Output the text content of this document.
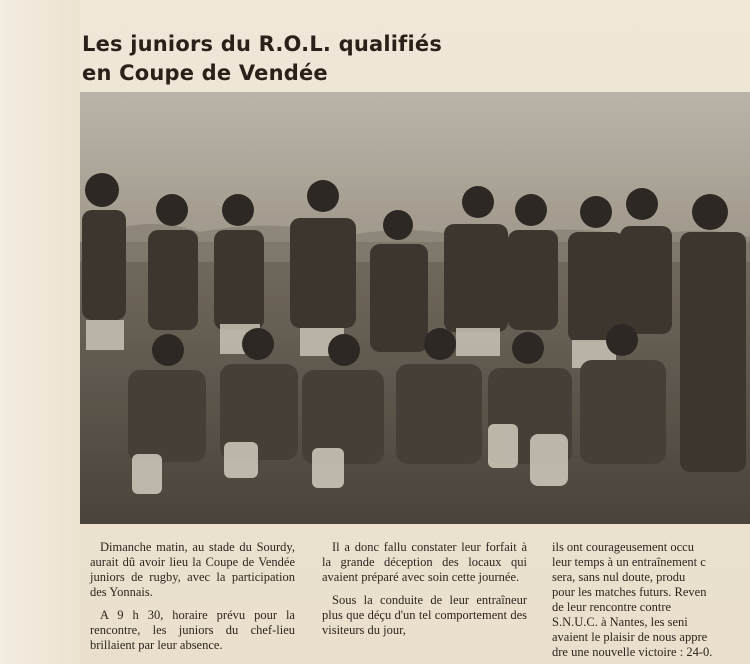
Les juniors du R.O.L. qualifiés
en Coupe de Vendée

Dimanche matin, au stade du Sourdy, aurait dû avoir lieu la Coupe de Vendée juniors de rugby, avec la participation des Yonnais.

A 9 h 30, horaire prévu pour la rencontre, les juniors du chef-lieu brillaient par leur absence.

Il a donc fallu constater leur forfait à la grande déception des locaux qui avaient préparé avec soin cette journée.

Sous la conduite de leur entraîneur plus que déçu d'un tel comportement des visiteurs du jour,

ils ont courageusement occu
leur temps à un entraînement c
sera, sans nul doute, produ
pour les matches futurs. Reven
de leur rencontre contre
S.N.U.C. à Nantes, les seni
avaient le plaisir de nous appre
dre une nouvelle victoire : 24-0.
